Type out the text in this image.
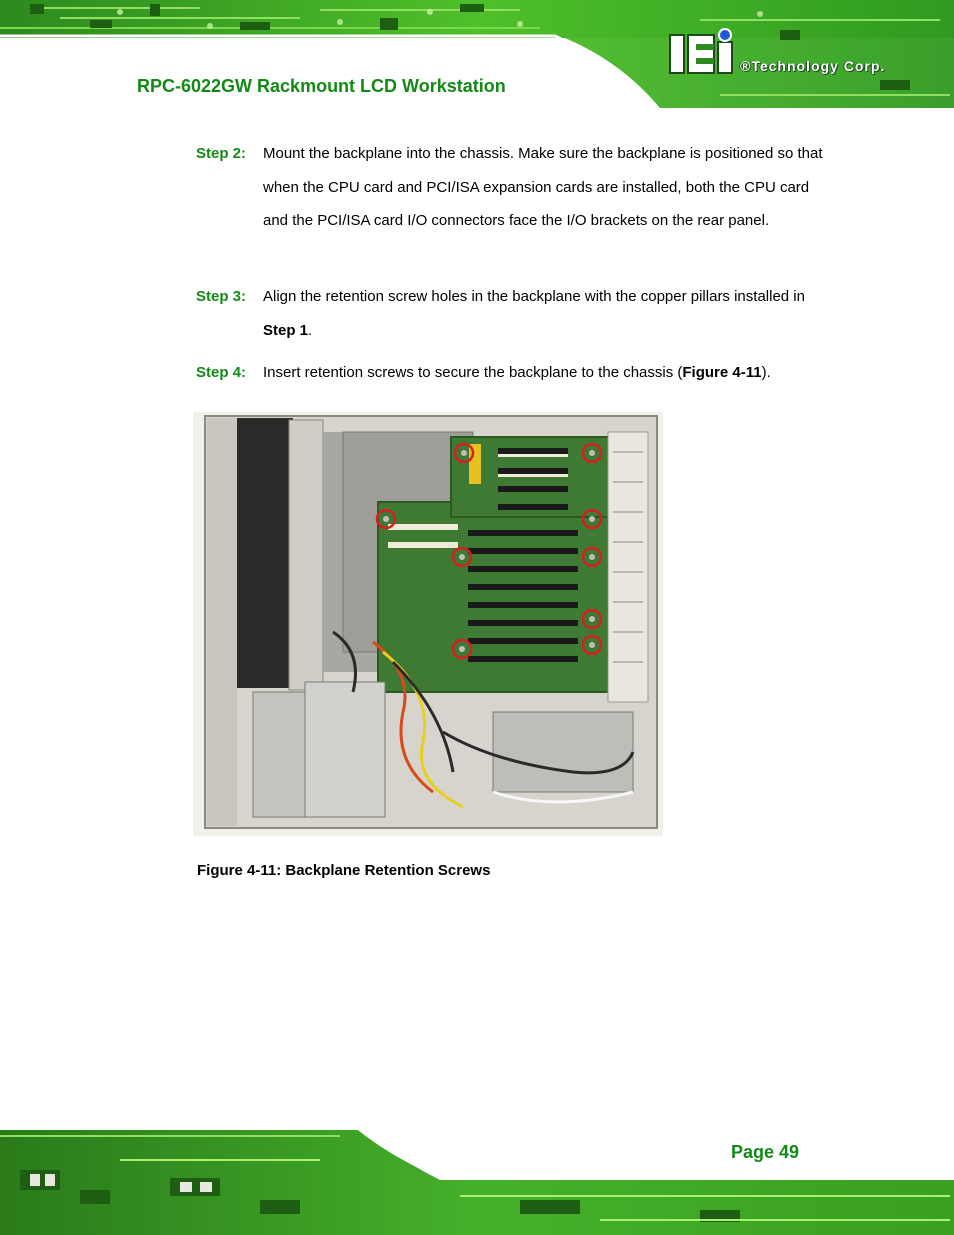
RPC-6022GW Rackmount LCD Workstation
®Technology Corp.
Step 2: Mount the backplane into the chassis. Make sure the backplane is positioned so that when the CPU card and PCI/ISA expansion cards are installed, both the CPU card and the PCI/ISA card I/O connectors face the I/O brackets on the rear panel.
Step 3: Align the retention screw holes in the backplane with the copper pillars installed in Step 1.
Step 4: Insert retention screws to secure the backplane to the chassis (Figure 4-11).
Figure 4-11: Backplane Retention Screws
Page 49
